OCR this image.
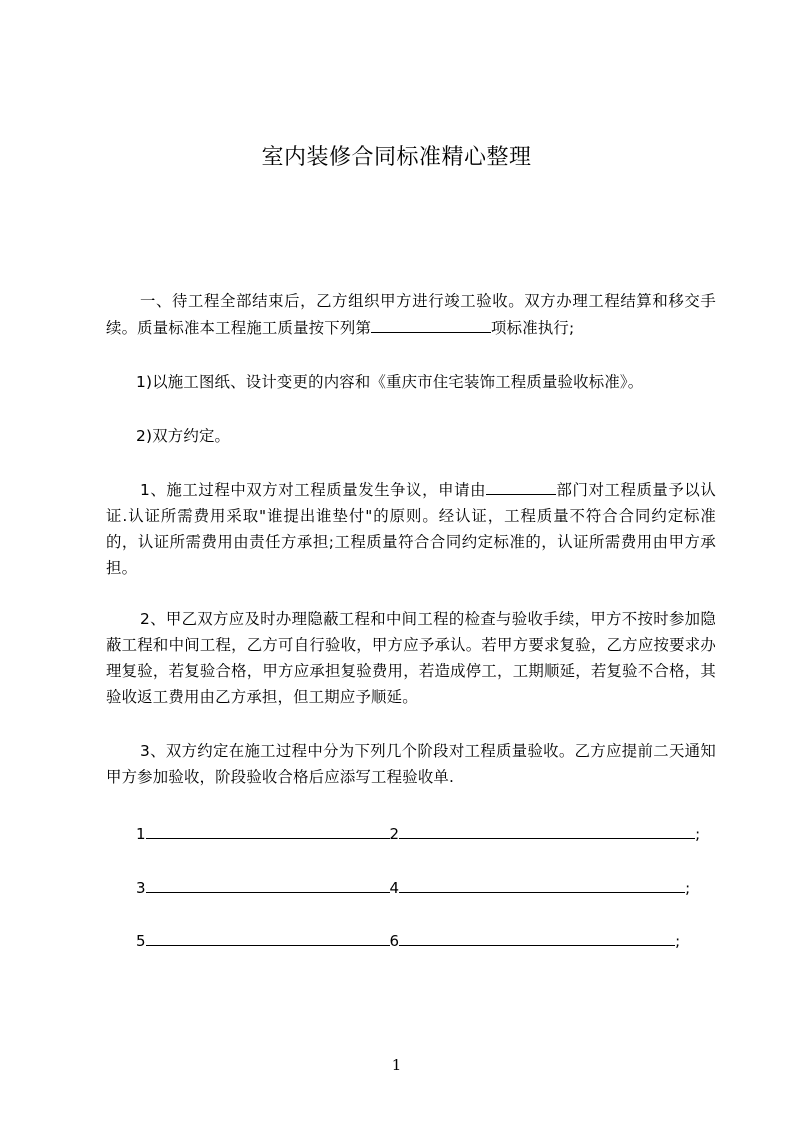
室内装修合同标准精心整理

一、待工程全部结束后，乙方组织甲方进行竣工验收。双方办理工程结算和移交手续。质量标准本工程施工质量按下列第	项标准执行;

1)以施工图纸、设计变更的内容和《重庆市住宅装饰工程质量验收标准》。

2)双方约定。

1、施工过程中双方对工程质量发生争议，申请由	部门对工程质量予以认证.认证所需费用采取"谁提出谁垫付"的原则。经认证，工程质量不符合合同约定标准的，认证所需费用由责任方承担;工程质量符合合同约定标准的，认证所需费用由甲方承担。

2、甲乙双方应及时办理隐蔽工程和中间工程的检查与验收手续，甲方不按时参加隐蔽工程和中间工程，乙方可自行验收，甲方应予承认。若甲方要求复验，乙方应按要求办理复验，若复验合格，甲方应承担复验费用，若造成停工，工期顺延，若复验不合格，其验收返工费用由乙方承担，但工期应予顺延。

3、双方约定在施工过程中分为下列几个阶段对工程质量验收。乙方应提前二天通知甲方参加验收，阶段验收合格后应添写工程验收单.

1	2	;
3	4	;
5	6	;
1
